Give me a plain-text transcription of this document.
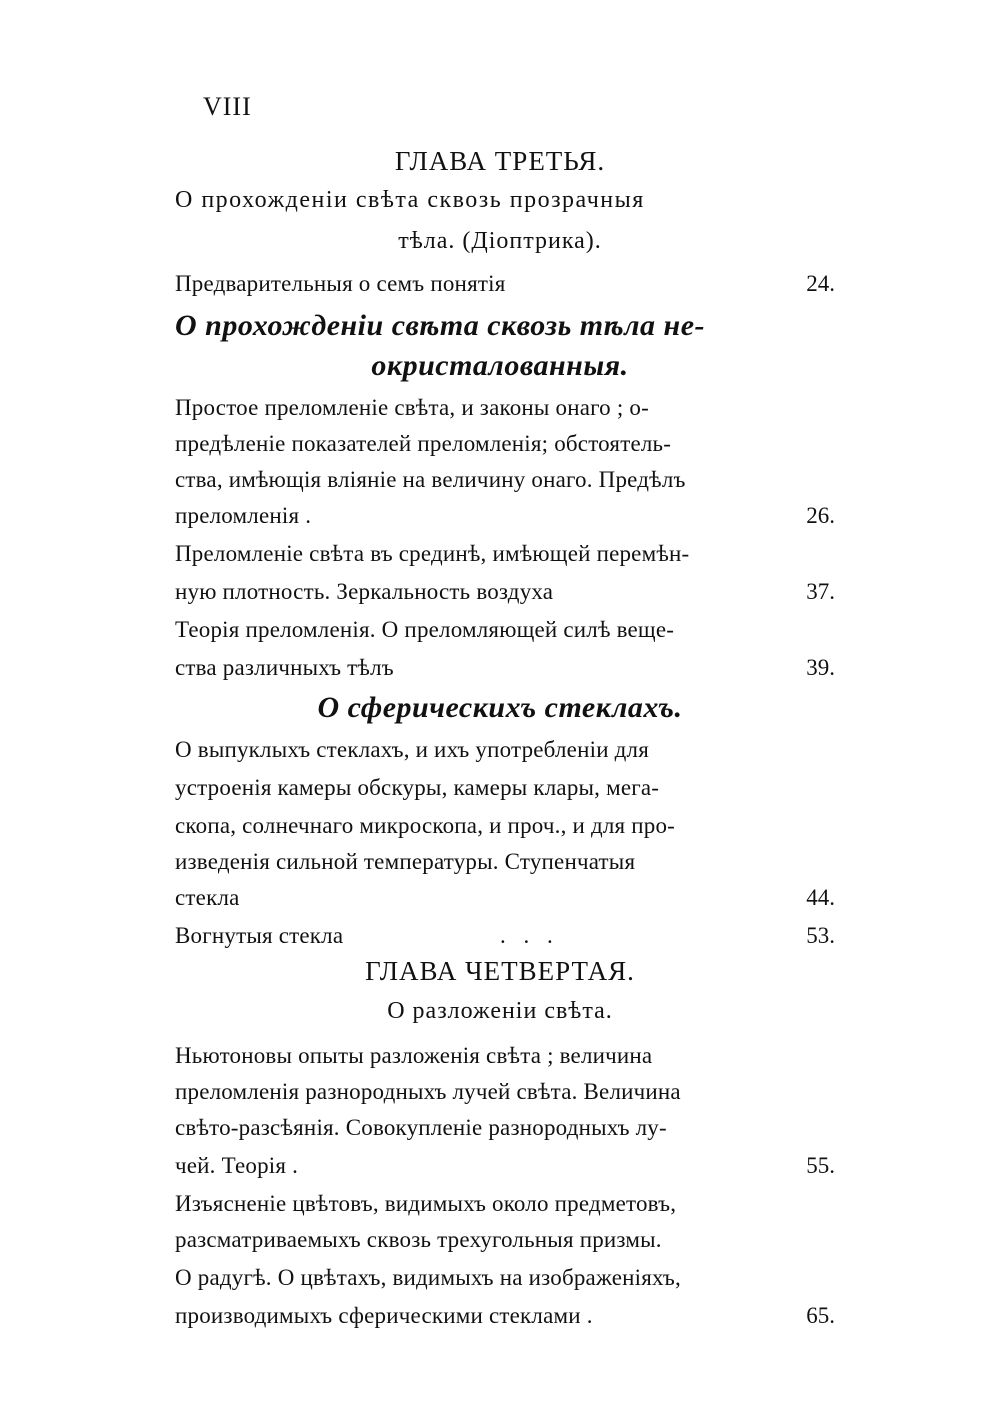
VIII
ГЛАВА ТРЕТЬЯ.
О прохожденіи свѣта сквозь прозрачныя
тѣла. (Діоптрика).
Предварительныя о семъ понятія	24.
О прохожденіи свѣта сквозь тѣла не-
окристалованныя.
Простое преломленіе свѣта, и законы онаго ; о-
предѣленіе показателей преломленія; обстоятель-
ства, имѣющія вліяніе на величину онаго. Предѣлъ
преломленія .	26.
Преломленіе свѣта въ срединѣ, имѣющей перемѣн-
ную плотность. Зеркальность воздуха	37.
Теорія преломленія. О преломляющей силѣ веще-
ства различныхъ тѣлъ	39.
О сферическихъ стеклахъ.
О выпуклыхъ стеклахъ, и ихъ употребленіи для
устроенія камеры обскуры, камеры клары, мега-
скопа, солнечнаго микроскопа, и проч., и для про-
изведенія сильной температуры. Ступенчатыя
стекла	44.
Вогнутыя стекла	. . .	53.
ГЛАВА ЧЕТВЕРТАЯ.
О разложеніи свѣта.
Ньютоновы опыты разложенія свѣта ; величина
преломленія разнородныхъ лучей свѣта. Величина
свѣто-разсѣянія. Совокупленіе разнородныхъ лу-
чей. Теорія .	55.
Изъясненіе цвѣтовъ, видимыхъ около предметовъ,
разсматриваемыхъ сквозь трехугольныя призмы.
О радугѣ. О цвѣтахъ, видимыхъ на изображеніяхъ,
производимыхъ сферическими стеклами .	65.
